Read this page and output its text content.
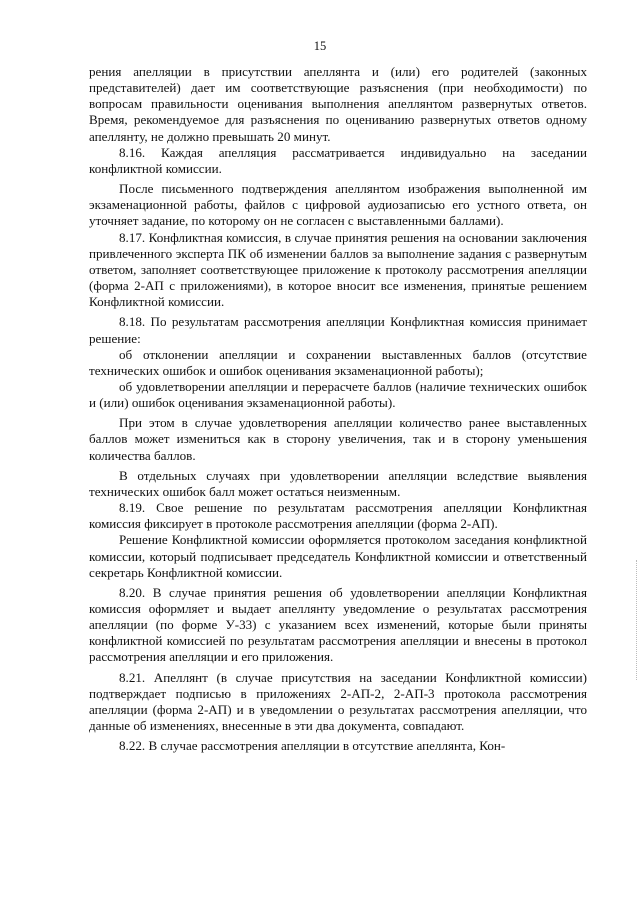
15

рения апелляции в присутствии апеллянта и (или) его родителей (законных представителей) дает им соответствующие разъяснения (при необходимости) по вопросам правильности оценивания выполнения апеллянтом развернутых ответов. Время, рекомендуемое для разъяснения по оцениванию развернутых ответов одному апеллянту, не должно превышать 20 минут.

8.16. Каждая апелляция рассматривается индивидуально на заседании конфликтной комиссии.

После письменного подтверждения апеллянтом изображения выполненной им экзаменационной работы, файлов с цифровой аудиозаписью его устного ответа, он уточняет задание, по которому он не согласен с выставленными баллами).

8.17. Конфликтная комиссия, в случае принятия решения на основании заключения привлеченного эксперта ПК об изменении баллов за выполнение задания с развернутым ответом, заполняет соответствующее приложение к протоколу рассмотрения апелляции (форма 2-АП с приложениями), в которое вносит все изменения, принятые решением Конфликтной комиссии.

8.18. По результатам рассмотрения апелляции Конфликтная комиссия принимает решение:

об отклонении апелляции и сохранении выставленных баллов (отсутствие технических ошибок и ошибок оценивания экзаменационной работы);

об удовлетворении апелляции и перерасчете баллов (наличие технических ошибок и (или) ошибок оценивания экзаменационной работы).

При этом в случае удовлетворения апелляции количество ранее выставленных баллов может измениться как в сторону увеличения, так и в сторону уменьшения количества баллов.

В отдельных случаях при удовлетворении апелляции вследствие выявления технических ошибок балл может остаться неизменным.

8.19. Свое решение по результатам рассмотрения апелляции Конфликтная комиссия фиксирует в протоколе рассмотрения апелляции (форма 2-АП).

Решение Конфликтной комиссии оформляется протоколом заседания конфликтной комиссии, который подписывает председатель Конфликтной комиссии и ответственный секретарь Конфликтной комиссии.

8.20. В случае принятия решения об удовлетворении апелляции Конфликтная комиссия оформляет и выдает апеллянту уведомление о результатах рассмотрения апелляции (по форме У-33) с указанием всех изменений, которые были приняты конфликтной комиссией по результатам рассмотрения апелляции и внесены в протокол рассмотрения апелляции и его приложения.

8.21. Апеллянт (в случае присутствия на заседании Конфликтной комиссии) подтверждает подписью в приложениях 2-АП-2, 2-АП-3 протокола рассмотрения апелляции (форма 2-АП) и в уведомлении о результатах рассмотрения апелляции, что данные об изменениях, внесенные в эти два документа, совпадают.

8.22. В случае рассмотрения апелляции в отсутствие апеллянта, Кон-
